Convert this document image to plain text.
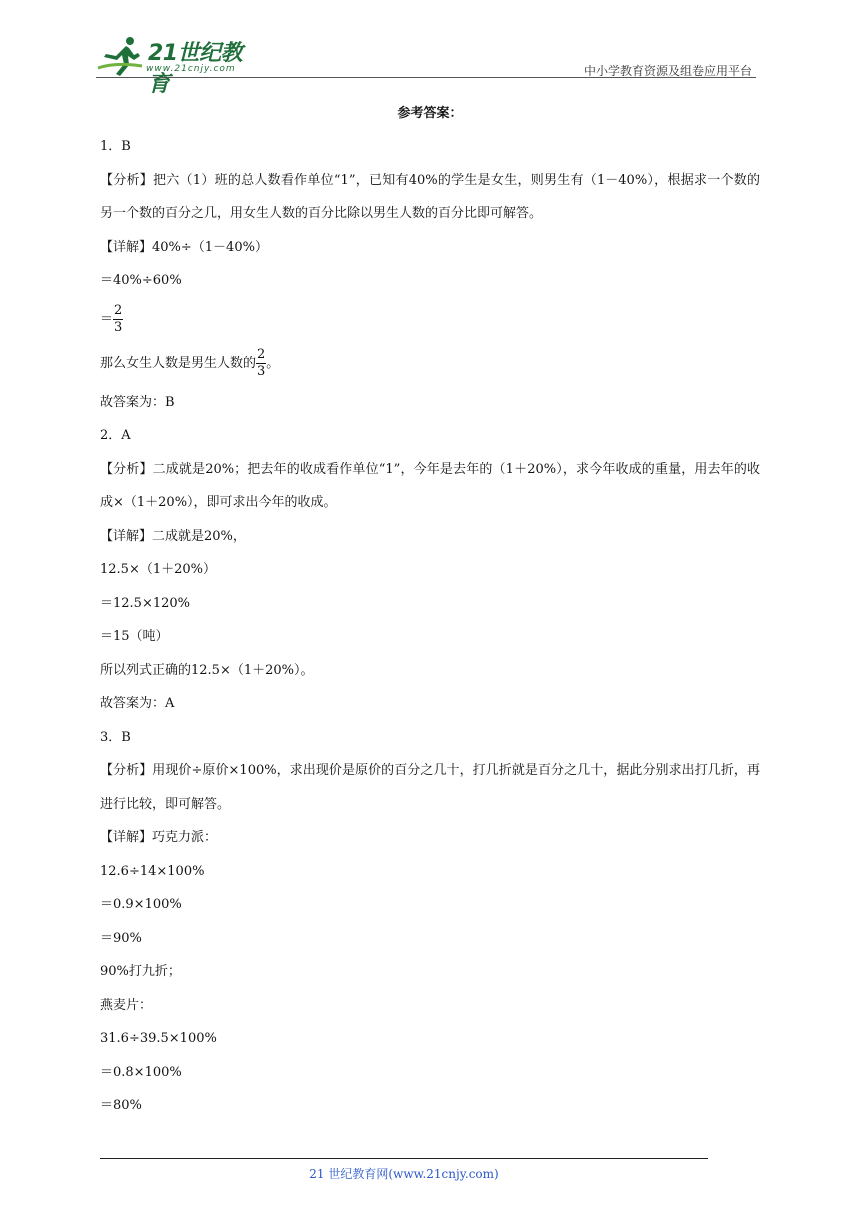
21世纪教育
www.21cnjy.com	中小学教育资源及组卷应用平台
参考答案：
1．B
【分析】把六（1）班的总人数看作单位“1”，已知有40%的学生是女生，则男生有（1－40%），根据求一个数的另一个数的百分之几，用女生人数的百分比除以男生人数的百分比即可解答。
【详解】40%÷（1－40%）
＝40%÷60%
＝ $\frac{2}{3}$
那么女生人数是男生人数的 $\frac{2}{3}$ 。
故答案为：B
2．A
【分析】二成就是20%；把去年的收成看作单位“1”，今年是去年的（1＋20%），求今年收成的重量，用去年的收成×（1＋20%），即可求出今年的收成。
【详解】二成就是20%，
12.5×（1＋20%）
＝12.5×120%
＝15（吨）
所以列式正确的12.5×（1＋20%）。
故答案为：A
3．B
【分析】用现价÷原价×100%，求出现价是原价的百分之几十，打几折就是百分之几十，据此分别求出打几折，再进行比较，即可解答。
【详解】巧克力派：
12.6÷14×100%
＝0.9×100%
＝90%
90%打九折；
燕麦片：
31.6÷39.5×100%
＝0.8×100%
＝80%
21 世纪教育网(www.21cnjy.com)
